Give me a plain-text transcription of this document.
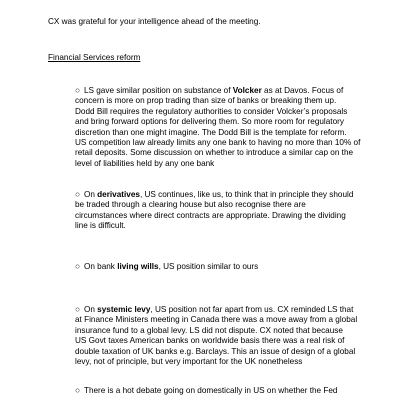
CX was grateful for your intelligence ahead of the meeting.
Financial Services reform
○ LS gave similar position on substance of Volcker as at Davos. Focus of
concern is more on prop trading than size of banks or breaking them up.
Dodd Bill requires the regulatory authorities to consider Volcker’s proposals
and bring forward options for delivering them. So more room for regulatory
discretion than one might imagine. The Dodd Bill is the template for reform.
US competition law already limits any one bank to having no more than 10% of
retail deposits. Some discussion on whether to introduce a similar cap on the
level of liabilities held by any one bank
○ On derivatives, US continues, like us, to think that in principle they should
be traded through a clearing house but also recognise there are
circumstances where direct contracts are appropriate. Drawing the dividing
line is difficult.
○ On bank living wills, US position similar to ours
○ On systemic levy, US position not far apart from us. CX reminded LS that
at Finance Ministers meeting in Canada there was a move away from a global
insurance fund to a global levy. LS did not dispute. CX noted that because
US Govt taxes American banks on worldwide basis there was a real risk of
double taxation of UK banks e.g. Barclays. This an issue of design of a global
levy, not of principle, but very important for the UK nonetheless
○ There is a hot debate going on domestically in US on whether the Fed
